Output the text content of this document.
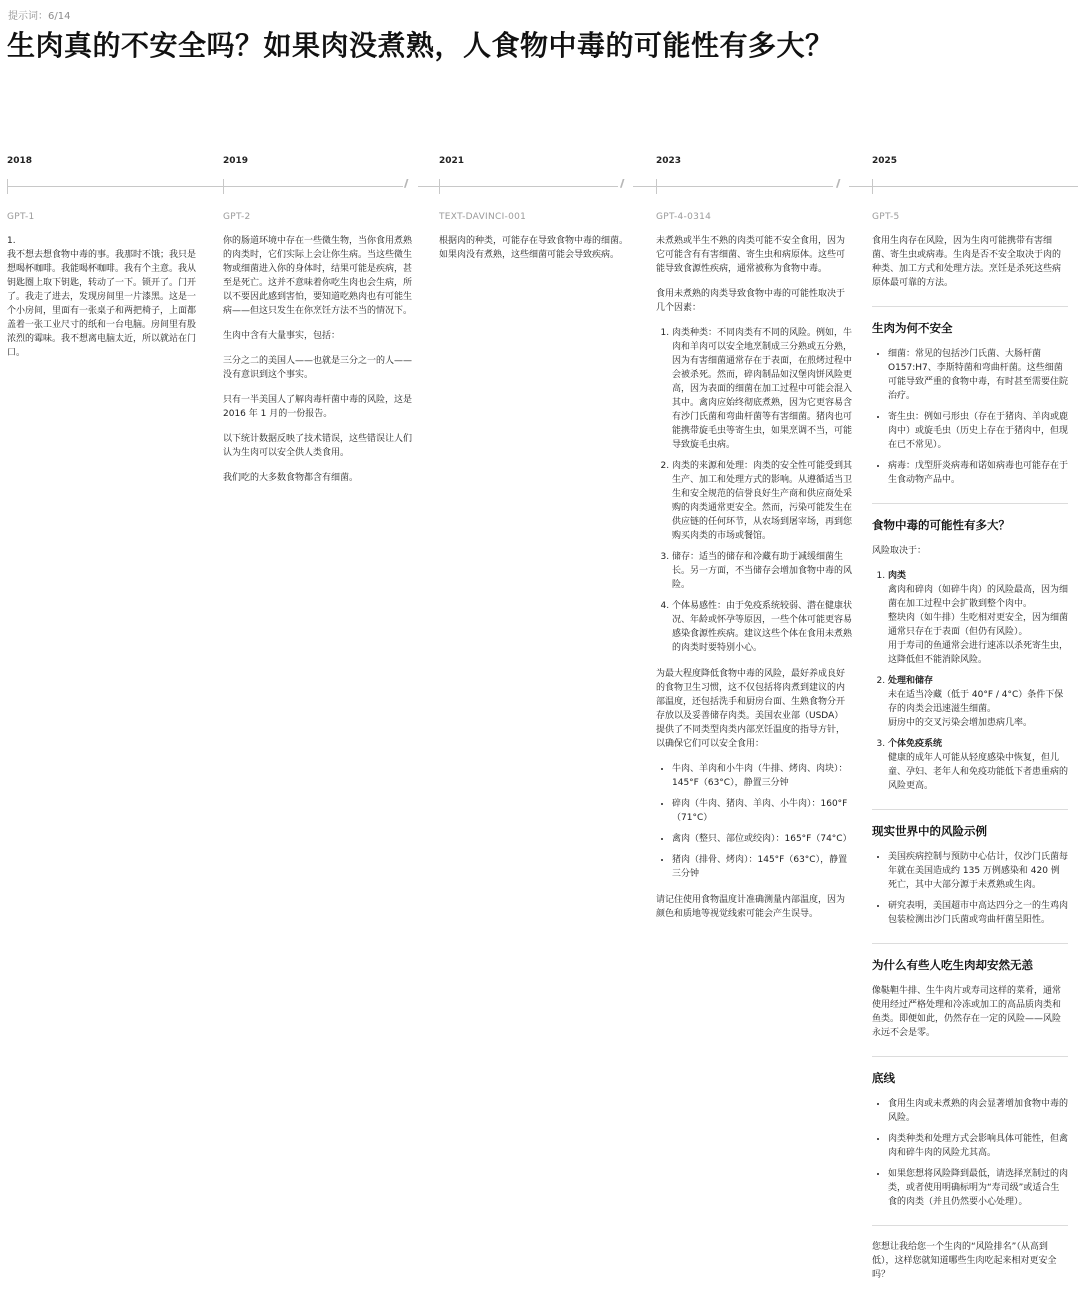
提示词：6/14
生肉真的不安全吗？如果肉没煮熟，人食物中毒的可能性有多大？
2018	2019	2021	2023	2025
//	//	//
GPT-1

1.

我不想去想食物中毒的事。我那时不饿；我只是想喝杯咖啡。我能喝杯咖啡。我有个主意。我从钥匙圈上取下钥匙，转动了一下。锁开了。门开了。我走了进去，发现房间里一片漆黑。这是一个小房间，里面有一张桌子和两把椅子，上面都盖着一张工业尺寸的纸和一台电脑。房间里有股浓烈的霉味。我不想离电脑太近，所以就站在门口。

GPT-2

你的肠道环境中存在一些微生物，当你食用煮熟的肉类时，它们实际上会让你生病。当这些微生物或细菌进入你的身体时，结果可能是疾病，甚至是死亡。这并不意味着你吃生肉也会生病，所以不要因此感到害怕，要知道吃熟肉也有可能生病——但这只发生在你烹饪方法不当的情况下。

生肉中含有大量事实，包括：

三分之二的美国人——也就是三分之一的人——没有意识到这个事实。

只有一半美国人了解肉毒杆菌中毒的风险，这是2016 年 1 月的一份报告。

以下统计数据反映了技术错误，这些错误让人们认为生肉可以安全供人类食用。

我们吃的大多数食物都含有细菌。

TEXT-DAVINCI-001

根据肉的种类，可能存在导致食物中毒的细菌。如果肉没有煮熟，这些细菌可能会导致疾病。

GPT-4-0314

未煮熟或半生不熟的肉类可能不安全食用，因为它可能含有有害细菌、寄生虫和病原体。这些可能导致食源性疾病，通常被称为食物中毒。

食用未煮熟的肉类导致食物中毒的可能性取决于几个因素：

1. 肉类种类：不同肉类有不同的风险。例如，牛肉和羊肉可以安全地烹制成三分熟或五分熟，因为有害细菌通常存在于表面，在煎烤过程中会被杀死。然而，碎肉制品如汉堡肉饼风险更高，因为表面的细菌在加工过程中可能会混入其中。禽肉应始终彻底煮熟，因为它更容易含有沙门氏菌和弯曲杆菌等有害细菌。猪肉也可能携带旋毛虫等寄生虫，如果烹调不当，可能导致旋毛虫病。
2. 肉类的来源和处理：肉类的安全性可能受到其生产、加工和处理方式的影响。从遵循适当卫生和安全规范的信誉良好生产商和供应商处采购的肉类通常更安全。然而，污染可能发生在供应链的任何环节，从农场到屠宰场，再到您购买肉类的市场或餐馆。
3. 储存：适当的储存和冷藏有助于减缓细菌生长。另一方面，不当储存会增加食物中毒的风险。
4. 个体易感性：由于免疫系统较弱、潜在健康状况、年龄或怀孕等原因，一些个体可能更容易感染食源性疾病。建议这些个体在食用未煮熟的肉类时要特别小心。

为最大程度降低食物中毒的风险，最好养成良好的食物卫生习惯，这不仅包括将肉煮到建议的内部温度，还包括洗手和厨房台面、生熟食物分开存放以及妥善储存肉类。美国农业部（USDA）提供了不同类型肉类内部烹饪温度的指导方针，以确保它们可以安全食用：

• 牛肉、羊肉和小牛肉（牛排、烤肉、肉块）：145°F（63°C），静置三分钟
• 碎肉（牛肉、猪肉、羊肉、小牛肉）：160°F（71°C）
• 禽肉（整只、部位或绞肉）：165°F（74°C）
• 猪肉（排骨、烤肉）：145°F（63°C），静置三分钟

请记住使用食物温度计准确测量内部温度，因为颜色和质地等视觉线索可能会产生误导。

GPT-5

食用生肉存在风险，因为生肉可能携带有害细菌、寄生虫或病毒。生肉是否不安全取决于肉的种类、加工方式和处理方法。烹饪是杀死这些病原体最可靠的方法。

生肉为何不安全
• 细菌：常见的包括沙门氏菌、大肠杆菌 O157:H7、李斯特菌和弯曲杆菌。这些细菌可能导致严重的食物中毒，有时甚至需要住院治疗。
• 寄生虫：例如弓形虫（存在于猪肉、羊肉或鹿肉中）或旋毛虫（历史上存在于猪肉中，但现在已不常见）。
• 病毒：戊型肝炎病毒和诺如病毒也可能存在于生食动物产品中。
食物中毒的可能性有多大？

风险取决于：

1. 肉类
禽肉和碎肉（如碎牛肉）的风险最高，因为细菌在加工过程中会扩散到整个肉中。
整块肉（如牛排）生吃相对更安全，因为细菌通常只存在于表面（但仍有风险）。
用于寿司的鱼通常会进行速冻以杀死寄生虫，这降低但不能消除风险。
2. 处理和储存
未在适当冷藏（低于 40°F / 4°C）条件下保存的肉类会迅速滋生细菌。
厨房中的交叉污染会增加患病几率。
3. 个体免疫系统
健康的成年人可能从轻度感染中恢复，但儿童、孕妇、老年人和免疫功能低下者患重病的风险更高。
现实世界中的风险示例
• 美国疾病控制与预防中心估计，仅沙门氏菌每年就在美国造成约 135 万例感染和 420 例死亡，其中大部分源于未煮熟或生肉。
• 研究表明，美国超市中高达四分之一的生鸡肉包装检测出沙门氏菌或弯曲杆菌呈阳性。
为什么有些人吃生肉却安然无恙

像鞑靼牛排、生牛肉片或寿司这样的菜肴，通常使用经过严格处理和冷冻或加工的高品质肉类和鱼类。即便如此，仍然存在一定的风险——风险永远不会是零。

底线
• 食用生肉或未煮熟的肉会显著增加食物中毒的风险。
• 肉类种类和处理方式会影响具体可能性，但禽肉和碎牛肉的风险尤其高。
• 如果您想将风险降到最低，请选择烹制过的肉类，或者使用明确标明为“寿司级”或适合生食的肉类（并且仍然要小心处理）。

您想让我给您一个生肉的“风险排名”（从高到低），这样您就知道哪些生肉吃起来相对更安全吗？
